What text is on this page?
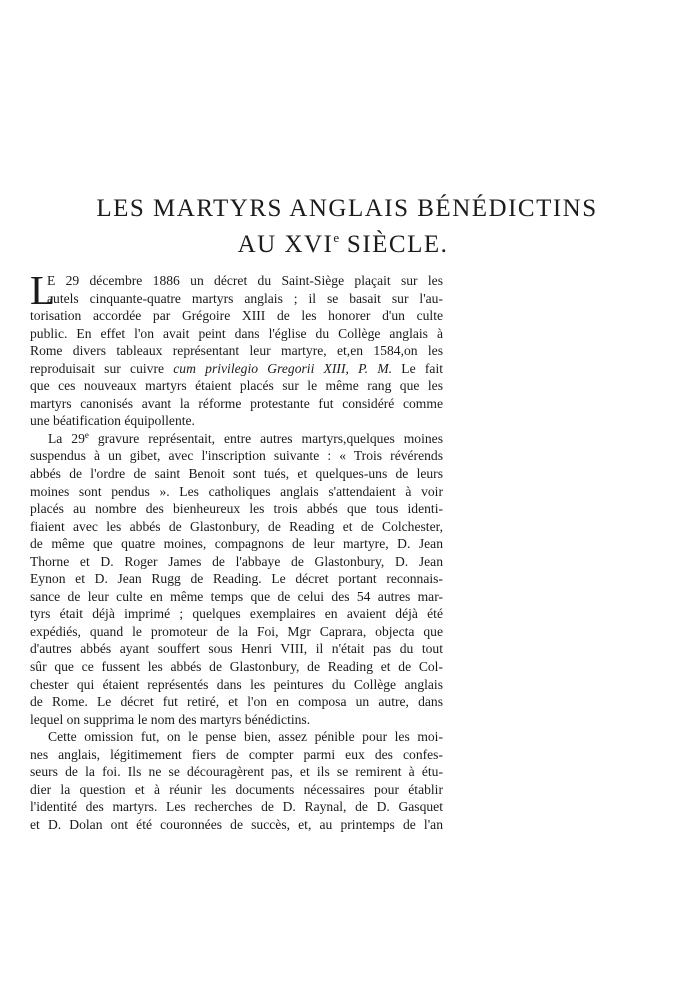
LES MARTYRS ANGLAIS BÉNÉDICTINS
AU XVIe SIÈCLE.
L
E 29 décembre 1886 un décret du Saint-Siège plaçait sur les
autels cinquante-quatre martyrs anglais ; il se basait sur l'au-
torisation accordée par Grégoire XIII de les honorer d'un culte
public. En effet l'on avait peint dans l'église du Collège anglais à
Rome divers tableaux représentant leur martyre, et,en 1584,on les
reproduisait sur cuivre cum privilegio Gregorii XIII, P. M. Le fait
que ces nouveaux martyrs étaient placés sur le même rang que les
martyrs canonisés avant la réforme protestante fut considéré comme
une béatification équipollente.
La 29e gravure représentait, entre autres martyrs,quelques moines
suspendus à un gibet, avec l'inscription suivante : « Trois révérends
abbés de l'ordre de saint Benoit sont tués, et quelques-uns de leurs
moines sont pendus ». Les catholiques anglais s'attendaient à voir
placés au nombre des bienheureux les trois abbés que tous identi-
fiaient avec les abbés de Glastonbury, de Reading et de Colchester,
de même que quatre moines, compagnons de leur martyre, D. Jean
Thorne et D. Roger James de l'abbaye de Glastonbury, D. Jean
Eynon et D. Jean Rugg de Reading. Le décret portant reconnais-
sance de leur culte en même temps que de celui des 54 autres mar-
tyrs était déjà imprimé ; quelques exemplaires en avaient déjà été
expédiés, quand le promoteur de la Foi, Mgr Caprara, objecta que
d'autres abbés ayant souffert sous Henri VIII, il n'était pas du tout
sûr que ce fussent les abbés de Glastonbury, de Reading et de Col-
chester qui étaient représentés dans les peintures du Collège anglais
de Rome. Le décret fut retiré, et l'on en composa un autre, dans
lequel on supprima le nom des martyrs bénédictins.
Cette omission fut, on le pense bien, assez pénible pour les moi-
nes anglais, légitimement fiers de compter parmi eux des confes-
seurs de la foi. Ils ne se découragèrent pas, et ils se remirent à étu-
dier la question et à réunir les documents nécessaires pour établir
l'identité des martyrs. Les recherches de D. Raynal, de D. Gasquet
et D. Dolan ont été couronnées de succès, et, au printemps de l'an
